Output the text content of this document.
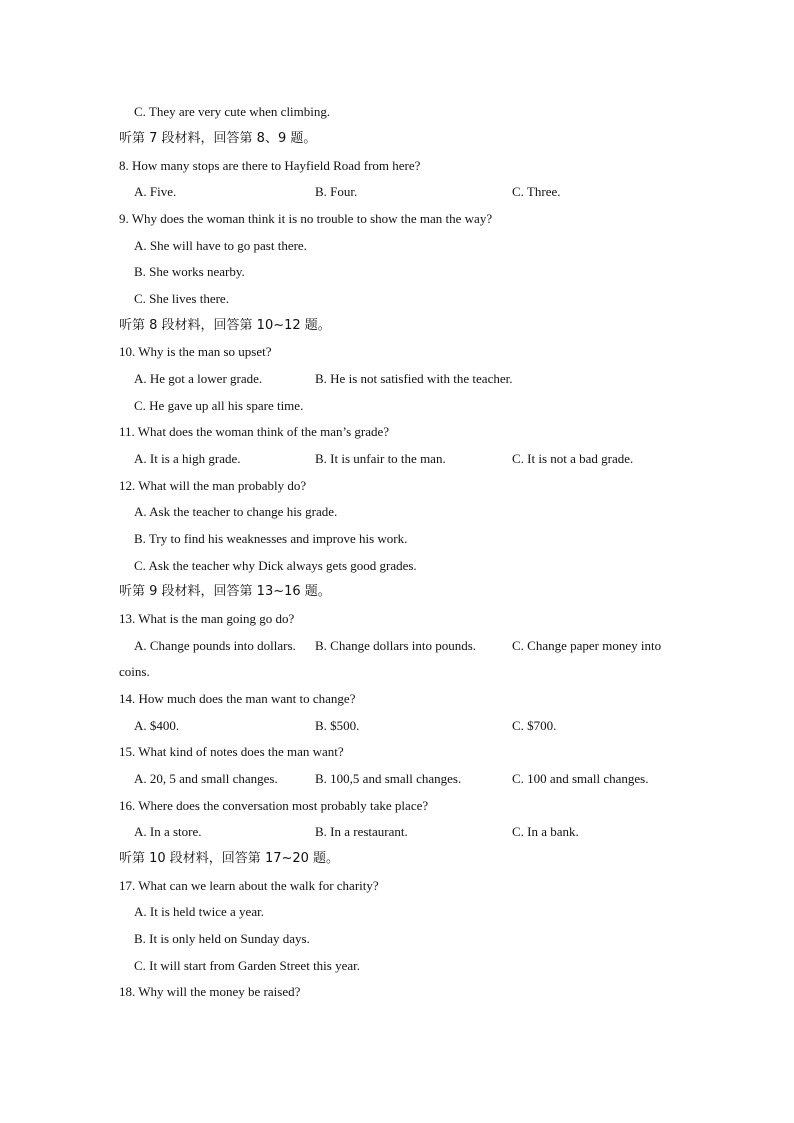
C. They are very cute when climbing.
听第 7 段材料，回答第 8、9 题。
8. How many stops are there to Hayfield Road from here?
A. Five.	B. Four.	C. Three.
9. Why does the woman think it is no trouble to show the man the way?
A. She will have to go past there.
B. She works nearby.
C. She lives there.
听第 8 段材料，回答第 10~12 题。
10. Why is the man so upset?
A. He got a lower grade.	B. He is not satisfied with the teacher.
C. He gave up all his spare time.
11. What does the woman think of the man’s grade?
A. It is a high grade.	B. It is unfair to the man.	C. It is not a bad grade.
12. What will the man probably do?
A. Ask the teacher to change his grade.
B. Try to find his weaknesses and improve his work.
C. Ask the teacher why Dick always gets good grades.
听第 9 段材料，回答第 13~16 题。
13. What is the man going go do?
A. Change pounds into dollars. B. Change dollars into pounds.	C. Change paper money into
coins.
14. How much does the man want to change?
A. $400.	B. $500.	C. $700.
15. What kind of notes does the man want?
A. 20, 5 and small changes.	B. 100,5 and small changes.	C. 100 and small changes.
16. Where does the conversation most probably take place?
A. In a store.	B. In a restaurant.	C. In a bank.
听第 10 段材料，回答第 17~20 题。
17. What can we learn about the walk for charity?
A. It is held twice a year.
B. It is only held on Sunday days.
C. It will start from Garden Street this year.
18. Why will the money be raised?
